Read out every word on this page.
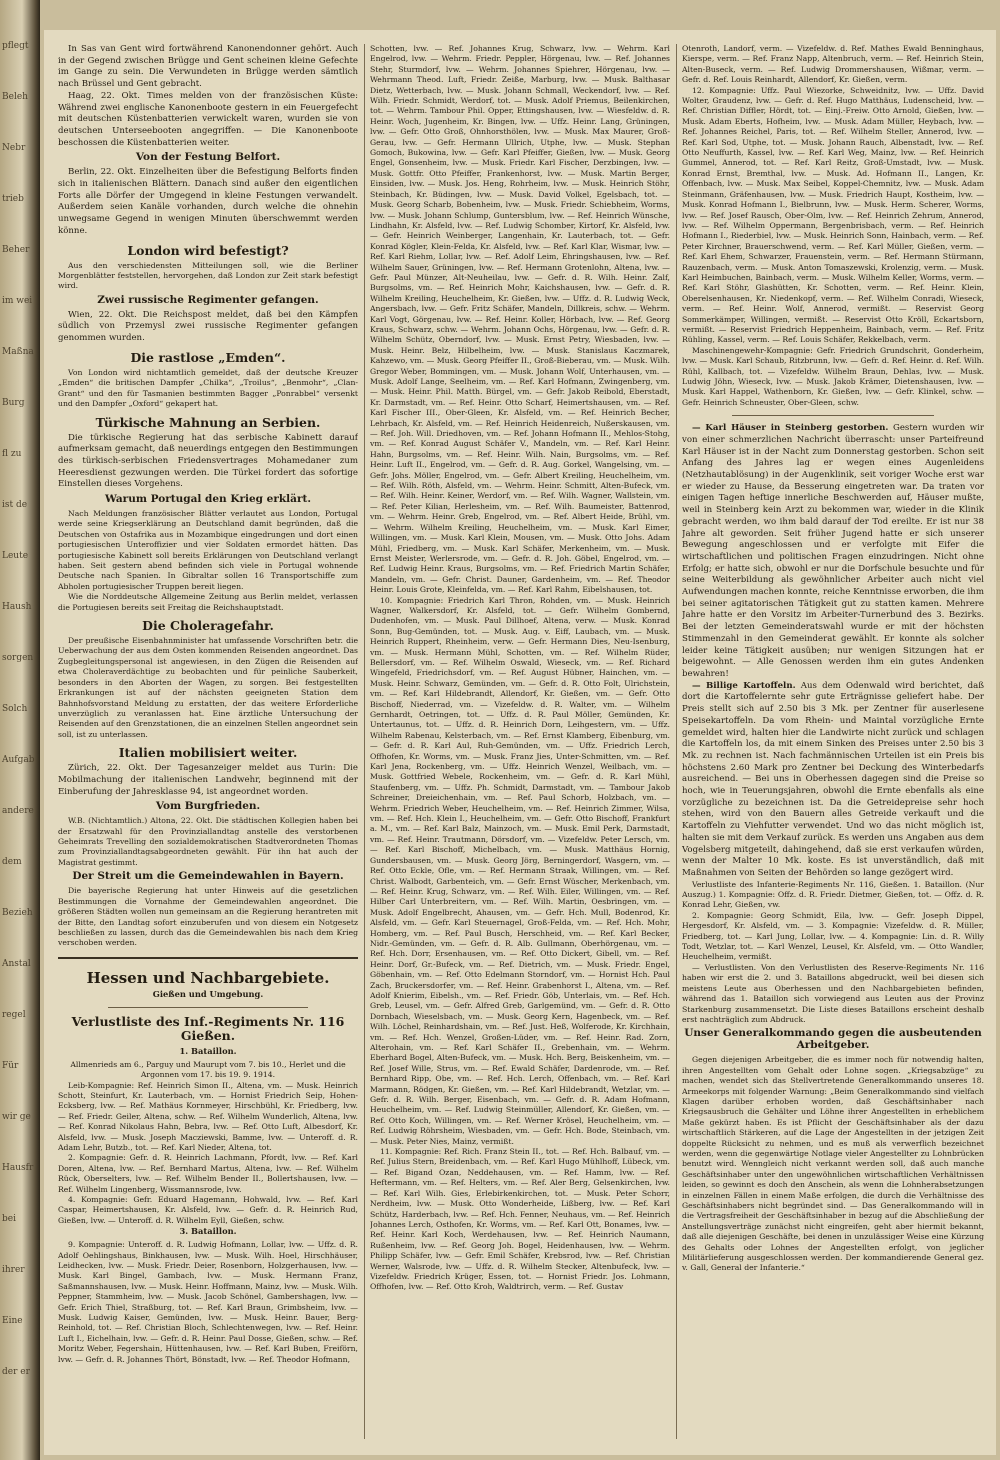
pflegt
Beleh
Nebr
trieb
Beher
im wei
Maßna
Burg
fl zu
ist de
Leute
Haush
sorgen
Solch
Aufgab
andere
dem
Bezieh
Anstal
regel
Für
wir ge
Hausfr
bei
ihrer
Eine
der er

In Sas van Gent wird fortwährend Kanonendonner gehört. Auch in der Gegend zwischen Brügge und Gent scheinen kleine Gefechte im Gange zu sein. Die Verwundeten in Brügge werden sämtlich nach Brüssel und Gent gebracht.

Haag, 22. Okt. Times melden von der französischen Küste: Während zwei englische Kanonenboote gestern in ein Feuergefecht mit deutschen Küstenbatterien verwickelt waren, wurden sie von deutschen Unterseebooten angegriffen. — Die Kanonenboote beschossen die Küstenbatterien weiter.

Von der Festung Belfort.

Berlin, 22. Okt. Einzelheiten über die Befestigung Belforts finden sich in italienischen Blättern. Danach sind außer den eigentlichen Forts alle Dörfer der Umgegend in kleine Festungen verwandelt. Außerdem seien Kanäle vorhanden, durch welche die ohnehin unwegsame Gegend in wenigen Minuten überschwemmt werden könne.

London wird befestigt?

Aus den verschiedensten Mitteilungen soll, wie die Berliner Morgenblätter feststellen, hervorgehen, daß London zur Zeit stark befestigt wird.

Zwei russische Regimenter gefangen.

Wien, 22. Okt. Die Reichspost meldet, daß bei den Kämpfen südlich von Przemysl zwei russische Regimenter gefangen genommen wurden.

Die rastlose „Emden“.

Von London wird nichtamtlich gemeldet, daß der deutsche Kreuzer „Emden“ die britischen Dampfer „Chilka“, „Troilus“, „Benmohr“, „Clan-Grant“ und den für Tasmanien bestimmten Bagger „Ponrabbel“ versenkt und den Dampfer „Oxford“ gekapert hat.

Türkische Mahnung an Serbien.

Die türkische Regierung hat das serbische Kabinett darauf aufmerksam gemacht, daß neuerdings entgegen den Bestimmungen des türkisch-serbischen Friedensvertrages Mohamedaner zum Heeresdienst gezwungen werden. Die Türkei fordert das sofortige Einstellen dieses Vorgehens.

Warum Portugal den Krieg erklärt.

Nach Meldungen französischer Blätter verlautet aus London, Portugal werde seine Kriegserklärung an Deutschland damit begründen, daß die Deutschen von Ostafrika aus in Mozambique eingedrungen und dort einen portugiesischen Unteroffizier und vier Soldaten ermordet hätten. Das portugiesische Kabinett soll bereits Erklärungen von Deutschland verlangt haben. Seit gestern abend befinden sich viele in Portugal wohnende Deutsche nach Spanien. In Gibraltar sollen 16 Transportschiffe zum Abholen portugiesischer Truppen bereit liegen.

Wie die Norddeutsche Allgemeine Zeitung aus Berlin meldet, verlassen die Portugiesen bereits seit Freitag die Reichshauptstadt.

Die Choleragefahr.

Der preußische Eisenbahnminister hat umfassende Vorschriften betr. die Ueberwachung der aus dem Osten kommenden Reisenden angeordnet. Das Zugbegleitungspersonal ist angewiesen, in den Zügen die Reisenden auf etwa Choleraverdächtige zu beobachten und für peinliche Sauberkeit, besonders in den Aborten der Wagen, zu sorgen. Bei festgestellten Erkrankungen ist auf der nächsten geeigneten Station dem Bahnhofsvorstand Meldung zu erstatten, der das weitere Erforderliche unverzüglich zu veranlassen hat. Eine ärztliche Untersuchung der Reisenden auf den Grenzstationen, die an einzelnen Stellen angeordnet sein soll, ist zu unterlassen.

Italien mobilisiert weiter.

Zürich, 22. Okt. Der Tagesanzeiger meldet aus Turin: Die Mobilmachung der italienischen Landwehr, beginnend mit der Einberufung der Jahresklasse 94, ist angeordnet worden.

Vom Burgfrieden.

W.B. (Nichtamtlich.) Altona, 22. Okt. Die städtischen Kollegien haben bei der Ersatzwahl für den Provinziallandtag anstelle des verstorbenen Geheimrats Trevelling den sozialdemokratischen Stadtverordneten Thomas zum Provinziallandtagsabgeordneten gewählt. Für ihn hat auch der Magistrat gestimmt.

Der Streit um die Gemeindewahlen in Bayern.

Die bayerische Regierung hat unter Hinweis auf die gesetzlichen Bestimmungen die Vornahme der Gemeindewahlen angeordnet. Die größeren Städten wollen nun gemeinsam an die Regierung herantreten mit der Bitte, den Landtag sofort einzuberufen und von diesem ein Notgesetz beschließen zu lassen, durch das die Gemeindewahlen bis nach dem Krieg verschoben werden.

Hessen und Nachbargebiete.
Gießen und Umgebung.
Verlustliste des Inf.-Regiments Nr. 116 Gießen.
1. Bataillon.

Allmenrieds am 6., Parguy und Maurupt vom 7. bis 10., Herlet und die Argonnen vom 17. bis 19. 9. 1914.

Leib-Kompagnie: Ref. Heinrich Simon II., Altena, vm. — Musk. Heinrich Schott, Steinfurt, Kr. Lauterbach, vm. — Hornist Friedrich Seip, Hohen-Ecksberg, lvw. — Ref. Mathäus Kornmeyer, Hirschbühl, Kr. Friedberg, lvw. — Ref. Friedr. Geiler, Altena, schw. — Ref. Wilhelm Wunderlich, Altena, lvw. — Ref. Konrad Nikolaus Hahn, Bebra, lvw. — Ref. Otto Luft, Albesdorf, Kr. Alsfeld, lvw. — Musk. Joseph Macziewski, Bamme, lvw. — Unteroff. d. R. Adam Lehr, Butzb., tot. — Ref. Karl Nieder, Altena, tot.

2. Kompagnie: Gefr. d. R. Heinrich Lachmann, Pfordt, lvw. — Ref. Karl Doren, Altena, lvw. — Ref. Bernhard Martus, Altena, lvw. — Ref. Wilhelm Rück, Oberselters, lvw. — Ref. Wilhelm Bender II., Bollertshausen, lvw. — Ref. Wilhelm Lingenberg, Wissmannsrode, lvw.

4. Kompagnie: Gefr. Eduard Hagemann, Hohwald, lvw. — Ref. Karl Caspar, Heimertshausen, Kr. Alsfeld, lvw. — Gefr. d. R. Heinrich Rud, Gießen, lvw. — Unteroff. d. R. Wilhelm Eyll, Gießen, schw.

3. Bataillon.

9. Kompagnie: Unteroff. d. R. Ludwig Hofmann, Lollar, lvw. — Uffz. d. R. Adolf Oehlingshaus, Binkhausen, lvw. — Musk. Wilh. Hoel, Hirschhäuser, Leidhecken, lvw. — Musk. Friedr. Deier, Rosenborn, Holzgerhausen, lvw. — Musk. Karl Bingel, Gambach, lvw. — Musk. Hermann Franz, Saßmannshausen, lvw. — Musk. Heinr. Hoffmann, Mainz, lvw. — Musk. Wilh. Peppner, Stammheim, lvw. — Musk. Jacob Schönel, Gambershagen, lvw. — Gefr. Erich Thiel, Straßburg, tot. — Ref. Karl Braun, Grimbsheim, lvw. — Musk. Ludwig Kaiser, Gemünden, lvw. — Musk. Heinr. Bauer, Berg-Reinhold, tot. — Ref. Christian Bloch, Schlechtenwegen, lvw. — Ref. Heinr. Luft I., Eichelhain, lvw. — Gefr. d. R. Heinr. Paul Dosse, Gießen, schw. — Ref. Moritz Weber, Fegershain, Hüttenhausen, lvw. — Ref. Karl Buben, Freiförn, lvw. — Gefr. d. R. Johannes Thört, Bönstadt, lvw. — Ref. Theodor Hofmann,

Schotten, lvw. — Ref. Johannes Krug, Schwarz, lvw. — Wehrm. Karl Engelrod, lvw. — Wehrm. Friedr. Peppler, Hörgenau, lvw. — Ref. Johannes Stehr, Sturmdorf, lvw. — Wehrm. Johannes Spiehrer, Hörgenau, lvw. — Wehrmann Theod. Luft, Friedr. Zeiße, Marburg, lvw. — Musk. Balthasar Dietz, Wetterbach, lvw. — Musk. Johann Schmall, Weckendorf, lvw. — Ref. Wilh. Friedr. Schmidt, Werdorf, tot. — Musk. Adolf Priemus, Beilenkirchen, tot. — Wehrm. Tambour Phil. Opper, Ettingshausen, lvw. — Wiesfeldw. d. R. Heinr. Woch, Jugenheim, Kr. Bingen, lvw. — Uffz. Heinr. Lang, Grüningen, lvw. — Gefr. Otto Groß, Ohnhorsthölen, lvw. — Musk. Max Maurer, Groß-Gerau, lvw. — Gefr. Hermann Ullrich, Utphe, lvw. — Musk. Stephan Gomoch, Bukowina, lvw. — Gefr. Karl Pfeiffer, Gießen, lvw. — Musk. Georg Engel, Gonsenheim, lvw. — Musk. Friedr. Karl Fischer, Derzbingen, lvw. — Musk. Gottfr. Otto Pfeiffer, Frankenhorst, lvw. — Musk. Martin Berger, Einsiden, lvw. — Musk. Jos. Heng, Rohrheim, lvw. — Musk. Heinrich Stöhr, Steinbach, Kr. Büdingen, lvw. — Musk. David Volkel, Egelsbach, tot. — Musk. Georg Scharb, Bobenheim, lvw. — Musk. Friedr. Schiebheim, Worms, lvw. — Musk. Johann Schlump, Guntersblum, lvw. — Ref. Heinrich Wünsche, Lindhahn, Kr. Alsfeld, lvw. — Ref. Ludwig Schomber, Kirtorf, Kr. Alsfeld, lvw. — Gefr. Heinrich Weinberger, Langenhain, Kr. Lauterbach, tot. — Gefr. Konrad Kögler, Klein-Felda, Kr. Alsfeld, lvw. — Ref. Karl Klar, Wismar, lvw. — Ref. Karl Riehm, Lollar, lvw. — Ref. Adolf Leim, Ehringshausen, lvw. — Ref. Wilhelm Sauer, Grüningen, lvw. — Ref. Hermann Grotenlohn, Altena, lvw. — Gefr. Paul Münzer, Alt-Neuheilau, lvw. — Gefr. d. R. Wilh. Heinr. Zalf, Burgsolms, vm. — Ref. Heinrich Mohr, Kaichshausen, lvw. — Gefr. d. R. Wilhelm Kreiling, Heuchelheim, Kr. Gießen, lvw. — Uffz. d. R. Ludwig Weck, Angersbach, lvw. — Gefr. Fritz Schäfer, Mandeln, Dillkreis, schw. — Wehrm. Karl Vogt, Görgenau, lvw. — Ref. Heinr. Koller, Hörbach, lvw. — Ref. Georg Kraus, Schwarz, schw. — Wehrm. Johann Ochs, Hörgenau, lvw. — Gefr. d. R. Wilhelm Schütz, Oberndorf, lvw. — Musk. Ernst Petry, Wiesbaden, lvw. — Musk. Heinr. Belz, Hilbelheim, lvw. — Musk. Stanislaus Kaczmarek, Kahzewo, vm. — Musk. Georg Pfeiffer II., Groß-Bieberau, vm. — Musk. Wilh. Gregor Weber, Bommingen, vm. — Musk. Johann Wolf, Unterhausen, vm. — Musk. Adolf Lange, Seelheim, vm. — Ref. Karl Hofmann, Zwingenberg, vm. — Musk. Heinr. Phil. Matth. Bürgel, vm. — Gefr. Jakob Reibold, Eberstadt, Kr. Darmstadt, vm. — Ref. Heinr. Otto Scharf, Heimertshausen, vm. — Ref. Karl Fischer III., Ober-Gleen, Kr. Alsfeld, vm. — Ref. Heinrich Becher, Lehrbach, Kr. Alsfeld, vm. — Ref. Heinrich Heidenreich, Nußerskausen, vm. — Ref. Joh. Will. Driedhoven, vm. — Ref. Johann Hofmann II., Mehlos-Stohg, vm. — Ref. Konrad August Schäfer V., Mandeln, vm. — Ref. Karl Heinr. Hahn, Burgsolms, vm. — Ref. Heinr. Wilh. Nain, Burgsolms, vm. — Ref. Heinr. Luft II., Engelrod, vm. — Gefr. d. R. Aug. Gorkel, Wangelsing, vm. — Gefr. Johs. Möller, Engelrod, vm. — Gefr. Albert Kreiling, Heuchelheim, vm. — Ref. Wilh. Röth, Alsfeld, vm. — Wehrm. Heinr. Schmitt, Alten-Bufeck, vm. — Ref. Wilh. Heinr. Keiner, Werdorf, vm. — Ref. Wilh. Wagner, Wallstein, vm. — Ref. Peter Kilian, Herlesheim, vm. — Ref. Wilh. Baumeister, Battenrod, vm. — Wehrm. Heinr. Greb, Engelrod, vm. — Ref. Albert Heide, Brühl, vm. — Wehrm. Wilhelm Kreiling, Heuchelheim, vm. — Musk. Karl Eimer, Willingen, vm. — Musk. Karl Klein, Mousen, vm. — Musk. Otto Johs. Adam Mühl, Friedberg, vm. — Musk. Karl Schäfer, Merkenheim, vm. — Musk. Ernst Meister, Werlersrode, vm. — Gefr. d. R. Joh. Göbel, Engelrod, vm. — Ref. Ludwig Heinr. Kraus, Burgsolms, vm. — Ref. Friedrich Martin Schäfer, Mandeln, vm. — Gefr. Christ. Dauner, Gardenheim, vm. — Ref. Theodor Heinr. Louis Grote, Kleinfelda, vm. — Ref. Karl Rahm, Eibelshausen, tot.

10. Kompagnie: Friedrich Karl Thron, Rohden, vm. — Musk. Heinrich Wagner, Walkersdorf, Kr. Alsfeld, tot. — Gefr. Wilhelm Gombernd, Dudenhofen, vm. — Musk. Paul Dillhoef, Altena, verw. — Musk. Konrad Sonn, Bug-Gemünden, tot. — Musk. Aug. v. Eiff, Laubach, vm. — Musk. Heinrich Ruppert, Rheinheim, verw. — Gefr. Hermann Dies, Neu-Isenburg, vm. — Musk. Hermann Mühl, Schotten, vm. — Ref. Wilhelm Rüder, Bellersdorf, vm. — Ref. Wilhelm Oswald, Wieseck, vm. — Ref. Richard Wingefeld, Friedrichsdorf, vm. — Ref. August Hübner, Hainchen, vm. — Musk. Heinr. Schwarz, Gemünden, vm. — Gefr. d. R. Otto Folt, Ulrichstein, vm. — Ref. Karl Hildebrandt, Allendorf, Kr. Gießen, vm. — Gefr. Otto Bischoff, Niederrad, vm. — Vizefeldw. d. R. Walter, vm. — Wilhelm Gernhardt, Oetringen, tot. — Uffz. d. R. Paul Möller, Gemünden, Kr. Untertaunus, tot. — Uffz. d. R. Heinrich Dorn, Leihgestern, vm. — Uffz. Wilhelm Rabenau, Kelsterbach, vm. — Ref. Ernst Klamberg, Eibenburg, vm. — Gefr. d. R. Karl Aul, Ruh-Gemünden, vm. — Uffz. Friedrich Lerch, Offhofen, Kr. Worms, vm. — Musk. Franz Jies, Unter-Schmitten, vm. — Ref. Karl Jena, Rockenberg, vm. — Uffz. Heinrich Wenzel, Weilbach, vm. — Musk. Gottfried Webele, Rockenheim, vm. — Gefr. d. R. Karl Mühl, Staufenberg, vm. — Uffz. Ph. Schmidt, Darmstadt, vm. — Tambour Jakob Schreiner, Dreieichenhain, vm. — Ref. Paul Schorb, Holzbach, vm. — Wehrm. Friedrich Weber, Heuchelheim, vm. — Ref. Heinrich Zimmer, Wilsa, vm. — Ref. Hch. Klein I., Heuchelheim, vm. — Gefr. Otto Bischoff, Frankfurt a. M., vm. — Ref. Karl Balz, Mainzoch, vm. — Musk. Emil Perk, Darmstadt, vm. — Ref. Heinr. Trautmann, Dörsdorf, vm. — Vizefeldw. Peter Lersch, vm. — Ref. Karl Bischoff, Michelbach, vm. — Musk. Matthäus Hornig, Gundersbausen, vm. — Musk. Georg Jörg, Berningerdorf, Wasgern, vm. — Ref. Otto Eckle, Ofle, vm. — Ref. Hermann Straak, Willingen, vm. — Ref. Christ. Walbodt, Garbenteich, vm. — Gefr. Ernst Wüscher, Merkenbach, vm. — Ref. Heinr. Krug, Schwarz, vm. — Ref. Wilh. Eiler, Willingen, vm. — Ref. Hilber Carl Unterbreitern, vm. — Ref. Wilh. Martin, Oesbringen, vm. — Musk. Adolf Engelbrecht, Ahausen, vm. — Gefr. Hch. Mull, Bodenrod, Kr. Alsfeld, vm. — Gefr. Karl Steuernagel, Groß-Felda, vm. — Ref. Hch. Mohr, Homberg, vm. — Ref. Paul Busch, Herschheid, vm. — Ref. Karl Becker, Nidr.-Gemünden, vm. — Gefr. d. R. Alb. Gullmann, Oberhörgenau, vm. — Ref. Hch. Dorr, Ersenhausen, vm. — Ref. Otto Dickert, Gibell, vm. — Ref. Heinr. Dorf, Gr.-Bufeck, vm. — Ref. Dietrich, vm. — Musk. Friedr. Engel, Göbenhain, vm. — Ref. Otto Edelmann Storndorf, vm. — Hornist Hch. Paul Zach, Bruckersdorfer, vm. — Ref. Heinr. Grabenhorst I., Altena, vm. — Ref. Adolf Knierim, Eibelsh., vm. — Ref. Friedr. Göb, Unterlais, vm. — Ref. Hch. Greb, Leusel, vm. — Gefr. Alfred Greb, Garlgemünd, vm. — Gefr. d. R. Otto Dornbach, Wieselsbach, vm. — Musk. Georg Kern, Hagenbeck, vm. — Ref. Wilh. Löchel, Reinhardshain, vm. — Ref. Just. Heß, Wolferode, Kr. Kirchhain, vm. — Ref. Hch. Wenzel, Großen-Lüder, vm. — Ref. Heinr. Rad. Zorn, Alterohain, vm. — Ref. Karl Schäfer II., Grebenhain, vm. — Wehrm. Eberhard Bogel, Alten-Bufeck, vm. — Musk. Hch. Berg, Beiskenheim, vm. — Ref. Josef Wille, Strus, vm. — Ref. Ewald Schäfer, Dardenrode, vm. — Ref. Bernhard Ripp, Obe, vm. — Ref. Hch. Lerch, Offenbach, vm. — Ref. Karl Marmann, Rödgen, Kr. Gießen, vm. — Ref. Karl Hildebrandt, Wetzlar, vm. — Gefr. d. R. Wilh. Berger, Eisenbach, vm. — Gefr. d. R. Adam Hofmann, Heuchelheim, vm. — Ref. Ludwig Steinmüller, Allendorf, Kr. Gießen, vm. — Ref. Otto Koch, Willingen, vm. — Ref. Werner Krösel, Heuchelheim, vm. — Ref. Ludwig Röhrsheim, Wiesbaden, vm. — Gefr. Hch. Bode, Steinbach, vm. — Musk. Peter Nies, Mainz, vermißt.

11. Kompagnie: Ref. Rich. Franz Stein II., tot. — Ref. Hch. Balbauf, vm. — Ref. Julius Stern, Breidenbach, vm. — Ref. Karl Hugo Mühlhoff, Lübeck, vm. — Ref. Bigand Ozan, Neddehausen, vm. — Ref. Hamm, lvw. — Ref. Heftermann, vm. — Ref. Helters, vm. — Ref. Aler Berg, Gelsenkirchen, lvw. — Ref. Karl Wilh. Gies, Erlebirkenkirchen, tot. — Musk. Peter Schorr, Nerdheim, lvw. — Musk. Otto Wonderheide, Lißberg, lvw. — Ref. Karl Schütz, Harderbach, lvw. — Ref. Hch. Fenner, Neuhaus, vm. — Ref. Heinrich Johannes Lerch, Osthofen, Kr. Worms, vm. — Ref. Karl Ott, Bonames, lvw. — Ref. Heinr. Karl Koch, Werdehausen, lvw. — Ref. Heinrich Naumann, Rußenheim, lvw. — Ref. Georg Joh. Bogel, Heidenhausen, lvw. — Wehrm. Philipp Schäfer, lvw. — Gefr. Emil Schäfer, Krebsrod, lvw. — Ref. Christian Werner, Walsrode, lvw. — Uffz. d. R. Wilhelm Stecker, Altenbufeck, lvw. — Vizefeldw. Friedrich Krüger, Essen, tot. — Hornist Friedr. Jos. Lohmann, Offhofen, lvw. — Ref. Otto Kroh, Waldtrirch, verm. — Ref. Gustav

Otenroth, Landorf, verm. — Vizefeldw. d. Ref. Mathes Ewald Benninghaus, Kierspe, verm. — Ref. Franz Napp, Altenbruch, verm. — Ref. Heinrich Stein, Alten-Buseck, verm. — Ref. Ludwig Drommershausen, Wißmar, verm. — Gefr. d. Ref. Louis Reinhardt, Allendorf, Kr. Gießen, verm.

12. Kompagnie: Uffz. Paul Wiezorke, Schweidnitz, lvw. — Uffz. David Wolter, Graudenz, lvw. — Gefr. d. Ref. Hugo Matthäus, Ludenscheid, lvw. — Ref. Christian Diffler, Hördt, tot. — Einj.-Freiw. Otto Arnold, Gießen, lvw. — Musk. Adam Eberts, Hofheim, lvw. — Musk. Adam Müller, Heybach, lvw. — Ref. Johannes Reichel, Paris, tot. — Ref. Wilhelm Steller, Annerod, lvw. — Ref. Karl Sod, Utphe, tot. — Musk. Johann Rauch, Albenstadt, lvw. — Ref. Otto Neuffurth, Kassel, lvw. — Ref. Karl Weg, Mainz, lvw. — Ref. Heinrich Gummel, Annerod, tot. — Ref. Karl Reitz, Groß-Umstadt, lvw. — Musk. Konrad Ernst, Bremthal, lvw. — Musk. Ad. Hofmann II., Langen, Kr. Offenbach, lvw. — Musk. Max Seibel, Koppel-Chemnitz, lvw. — Musk. Adam Steinmann, Gräfenhausen, lvw. — Musk. Friedrich Haupt, Kostheim, lvw. — Musk. Konrad Hofmann I., Bielbrunn, lvw. — Musk. Herm. Scherer, Worms, lvw. — Ref. Josef Rausch, Ober-Olm, lvw. — Ref. Heinrich Zehrum, Annerod, lvw. — Ref. Wilhelm Oppermann, Bergenbrisbach, verm. — Ref. Heinrich Hofmann I., Riederbiel, lvw. — Musk. Heinrich Sonn, Hainbach, verm. — Ref. Peter Kirchner, Brauerschwend, verm. — Ref. Karl Müller, Gießen, verm. — Ref. Karl Ehem, Schwarzer, Frauenstein, verm. — Ref. Hermann Stürmann, Rauzenbach, verm. — Musk. Anton Tomaszewski, Krolenzig, verm. — Musk. Karl Heimbuchen, Bainbach, verm. — Musk. Wilhelm Keller, Worms, verm. — Ref. Karl Stöhr, Glashütten, Kr. Schotten, verm. — Ref. Heinr. Klein, Oberelsenhausen, Kr. Niedenkopf, verm. — Ref. Wilhelm Conradi, Wieseck, verm. — Ref. Heinr. Wolf, Annerod, vermißt. — Reservist Georg Sommerkämper, Willingen, vermißt. — Reservist Otto Kröll, Eckartsborn, vermißt. — Reservist Friedrich Heppenheim, Bainbach, verm. — Ref. Fritz Rühling, Kassel, verm. — Ref. Louis Schäfer, Rekkelbach, verm.

Maschinengewehr-Kompagnie: Gefr. Friedrich Grundschrit, Gonderheim, lvw. — Musk. Karl Schaub, Ritzbrunn, lvw. — Gefr. d. Ref. Heinr. d. Ref. Wilh. Rühl, Kallbach, tot. — Vizefeldw. Wilhelm Braun, Dehlas, lvw. — Musk. Ludwig Jöhn, Wieseck, lvw. — Musk. Jakob Krämer, Dietenshausen, lvw. — Musk. Karl Happel, Wathenborn, Kr. Gießen, lvw. — Gefr. Klinkel, schw. — Gefr. Heinrich Schneuster, Ober-Gleen, schw.

— Karl Häuser in Steinberg gestorben. Gestern wurden wir von einer schmerzlichen Nachricht überrascht: unser Parteifreund Karl Häuser ist in der Nacht zum Donnerstag gestorben. Schon seit Anfang des Jahres lag er wegen eines Augenleidens (Netzhautablösung) in der Augenklinik, seit voriger Woche erst war er wieder zu Hause, da Besserung eingetreten war. Da traten vor einigen Tagen heftige innerliche Beschwerden auf, Häuser mußte, weil in Steinberg kein Arzt zu bekommen war, wieder in die Klinik gebracht werden, wo ihm bald darauf der Tod ereilte. Er ist nur 38 Jahre alt geworden. Seit früher Jugend hatte er sich unserer Bewegung angeschlossen und er verfolgte mit Eifer die wirtschaftlichen und politischen Fragen einzudringen. Nicht ohne Erfolg; er hatte sich, obwohl er nur die Dorfschule besuchte und für seine Weiterbildung als gewöhnlicher Arbeiter auch nicht viel Aufwendungen machen konnte, reiche Kenntnisse erworben, die ihm bei seiner agitatorischen Tätigkeit gut zu statten kamen. Mehrere Jahre hatte er den Vorsitz im Arbeiter-Turnerbund des 3. Bezirks. Bei der letzten Gemeinderatswahl wurde er mit der höchsten Stimmenzahl in den Gemeinderat gewählt. Er konnte als solcher leider keine Tätigkeit ausüben; nur wenigen Sitzungen hat er beigewohnt. — Alle Genossen werden ihm ein gutes Andenken bewahren!

— Billige Kartoffeln. Aus dem Odenwald wird berichtet, daß dort die Kartoffelernte sehr gute Erträgnisse geliefert habe. Der Preis stellt sich auf 2.50 bis 3 Mk. per Zentner für auserlesene Speisekartoffeln. Da vom Rhein- und Maintal vorzügliche Ernte gemeldet wird, halten hier die Landwirte nicht zurück und schlagen die Kartoffeln los, da mit einem Sinken des Preises unter 2.50 bis 3 Mk. zu rechnen ist. Nach fachmännischen Urteilen ist ein Preis bis höchstens 2.60 Mark pro Zentner bei Deckung des Winterbedarfs ausreichend. — Bei uns in Oberhessen dagegen sind die Preise so hoch, wie in Teuerungsjahren, obwohl die Ernte ebenfalls als eine vorzügliche zu bezeichnen ist. Da die Getreidepreise sehr hoch stehen, wird von den Bauern alles Getreide verkauft und die Kartoffeln zu Viehfutter verwendet. Und wo das nicht möglich ist, halten sie mit dem Verkauf zurück. Es werden uns Angaben aus dem Vogelsberg mitgeteilt, dahingehend, daß sie erst verkaufen würden, wenn der Malter 10 Mk. koste. Es ist unverständlich, daß mit Maßnahmen von Seiten der Behörden so lange gezögert wird.

Verlustliste des Infanterie-Regiments Nr. 116, Gießen. 1. Bataillon. (Nur Auszug.) 1. Kompagnie: Offz. d. R. Friedr. Dietmer, Gießen, tot. — Offz. d. R. Konrad Lehr, Gießen, vw.

2. Kompagnie: Georg Schmidt, Eila, lvw. — Gefr. Joseph Dippel, Hergesdorf, Kr. Alsfeld, vm. — 3. Kompagnie: Vizefeldw. d. R. Müller, Friedberg, tot. — Karl Jung, Lollar, lvw. — 4. Kompagnie: Lin. d. R. Willy Todt, Wetzlar, tot. — Karl Wenzel, Leusel, Kr. Alsfeld, vm. — Otto Wandler, Heuchelheim, vermißt.

— Verlustlisten. Von den Verlustlisten des Reserve-Regiments Nr. 116 haben wir erst die 2. und 3. Bataillons abgedruckt, weil bei diesen sich meistens Leute aus Oberhessen und den Nachbargebieten befinden, während das 1. Bataillon sich vorwiegend aus Leuten aus der Provinz Starkenburg zusammensetzt. Die Liste dieses Bataillons erscheint deshalb erst nachträglich zum Abdruck.

Unser Generalkommando gegen die ausbeutenden Arbeitgeber.

Gegen diejenigen Arbeitgeber, die es immer noch für notwendig halten, ihren Angestellten vom Gehalt oder Lohne sogen. „Kriegsabzüge“ zu machen, wendet sich das Stellvertretende Generalkommando unseres 18. Armeekorps mit folgender Warnung: „Beim Generalkommando sind vielfach Klagen darüber erhoben worden, daß Geschäftsinhaber nach Kriegsausbruch die Gehälter und Löhne ihrer Angestellten in erheblichem Maße gekürzt haben. Es ist Pflicht der Geschäftsinhaber als der dazu wirtschaftlich Stärkeren, auf die Lage der Angestellten in der jetzigen Zeit doppelte Rücksicht zu nehmen, und es muß als verwerflich bezeichnet werden, wenn die gegenwärtige Notlage vieler Angestellter zu Lohnbrücken benutzt wird. Wenngleich nicht verkannt werden soll, daß auch manche Geschäftsinhaber unter den ungewöhnlichen wirtschaftlichen Verhältnissen leiden, so gewinnt es doch den Anschein, als wenn die Lohnherabsetzungen in einzelnen Fällen in einem Maße erfolgen, die durch die Verhältnisse des Geschäftsinhabers nicht begründet sind. — Das Generalkommando will in die Vertragsfreiheit der Geschäftsinhaber in bezug auf die Abschließung der Anstellungsverträge zunächst nicht eingreifen, geht aber hiermit bekannt, daß alle diejenigen Geschäfte, bei denen in unzulässiger Weise eine Kürzung des Gehalts oder Lohnes der Angestellten erfolgt, von jeglicher Militärlieferung ausgeschlossen werden. Der kommandierende General gez. v. Gall, General der Infanterie.“
